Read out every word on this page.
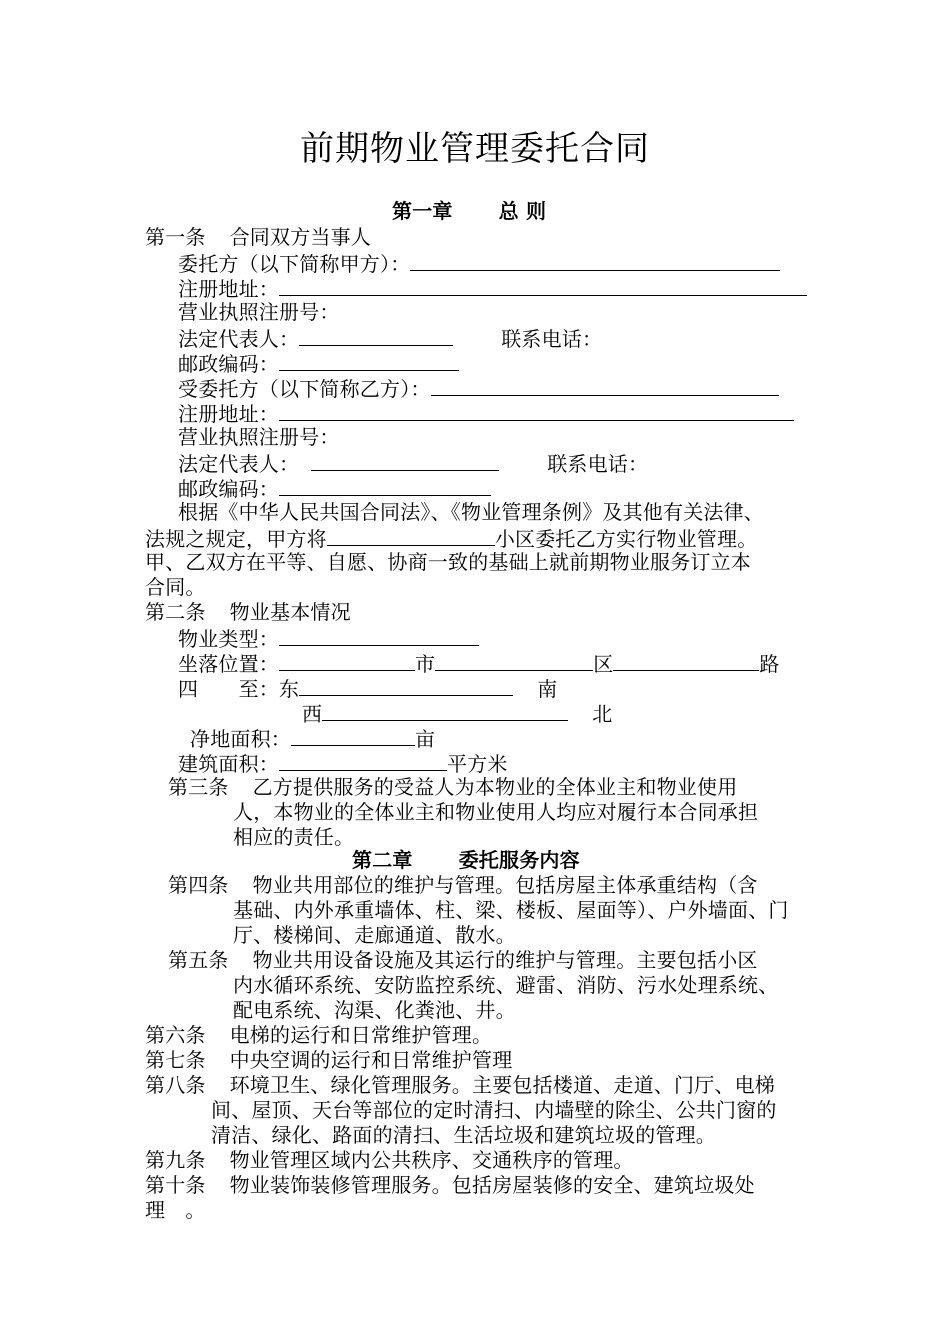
前期物业管理委托合同
第一章 总 则
第一条 合同双方当事人
委托方（以下简称甲方）：
注册地址：
营业执照注册号：
法定代表人：	联系电话：
邮政编码：
受委托方（以下简称乙方）：
注册地址：
营业执照注册号：
法定代表人：	联系电话：
邮政编码：
根据《中华人民共国合同法》、《物业管理条例》及其他有关法律、
法规之规定，甲方将	小区委托乙方实行物业管理。
甲、乙双方在平等、自愿、协商一致的基础上就前期物业服务订立本
合同。
第二条 物业基本情况
物业类型：
坐落位置：	市	区	路
四　　至：东	南
西	北
净地面积：	亩
建筑面积：	平方米
第三条 乙方提供服务的受益人为本物业的全体业主和物业使用
人，本物业的全体业主和物业使用人均应对履行本合同承担
相应的责任。
第二章 委托服务内容
第四条 物业共用部位的维护与管理。包括房屋主体承重结构（含
基础、内外承重墙体、柱、梁、楼板、屋面等）、户外墙面、门
厅、楼梯间、走廊通道、散水。
第五条 物业共用设备设施及其运行的维护与管理。主要包括小区
内水循环系统、安防监控系统、避雷、消防、污水处理系统、
配电系统、沟渠、化粪池、井。
第六条 电梯的运行和日常维护管理。
第七条 中央空调的运行和日常维护管理
第八条 环境卫生、绿化管理服务。主要包括楼道、走道、门厅、电梯
间、屋顶、天台等部位的定时清扫、内墙壁的除尘、公共门窗的
清洁、绿化、路面的清扫、生活垃圾和建筑垃圾的管理。
第九条 物业管理区域内公共秩序、交通秩序的管理。
第十条 物业装饰装修管理服务。包括房屋装修的安全、建筑垃圾处
理　。
